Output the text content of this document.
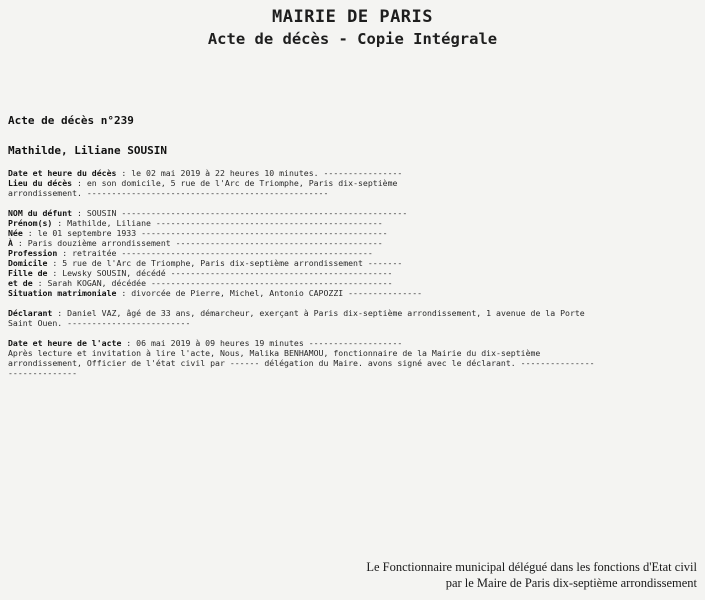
MAIRIE DE PARIS
Acte de décès - Copie Intégrale
Acte de décès n°239
Mathilde, Liliane SOUSIN
Date et heure du décès : le 02 mai 2019 à 22 heures 10 minutes. ----------------
Lieu du décès : en son domicile, 5 rue de l'Arc de Triomphe, Paris dix-septième
arrondissement. -------------------------------------------------
NOM du défunt : SOUSIN ----------------------------------------------------------
Prénom(s) : Mathilde, Liliane ----------------------------------------------
Née : le 01 septembre 1933 --------------------------------------------------
À : Paris douzième arrondissement ------------------------------------------
Profession : retraitée ---------------------------------------------------
Domicile : 5 rue de l'Arc de Triomphe, Paris dix-septième arrondissement -------
Fille de : Lewsky SOUSIN, décédé ---------------------------------------------
et de : Sarah KOGAN, décédée -------------------------------------------------
Situation matrimoniale : divorcée de Pierre, Michel, Antonio CAPOZZI ---------------
Déclarant : Daniel VAZ, âgé de 33 ans, démarcheur, exerçant à Paris dix-septième arrondissement, 1 avenue de la Porte Saint Ouen. -------------------------
Date et heure de l'acte : 06 mai 2019 à 09 heures 19 minutes -------------------
Après lecture et invitation à lire l'acte, Nous, Malika BENHAMOU, fonctionnaire de la Mairie du dix-septième arrondissement, Officier de l'état civil par ------ délégation du Maire. avons signé avec le déclarant. -----------------------------
Le Fonctionnaire municipal délégué dans les fonctions d'Etat civil
par le Maire de Paris dix-septième arrondissement
